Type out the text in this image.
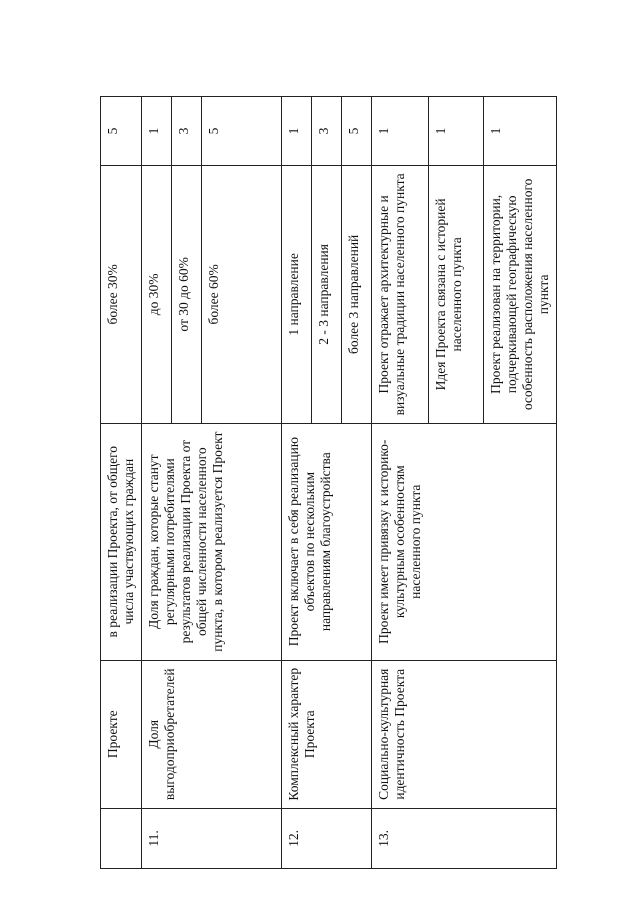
	Проекте	в реализации Проекта, от общего числа участвующих граждан	более 30%	5
11.	Доля выгодоприобретателей	Доля граждан, которые станут регулярными потребителями результатов реализации Проекта от общей численности населенного пункта, в котором реализуется Проект	до 30%	1
			от 30 до 60%	3
			более 60%	5
12.	Комплексный характер Проекта	Проект включает в себя реализацию объектов по нескольким направлениям благоустройства	1 направление	1
			2 - 3 направления	3
			более 3 направлений	5
13.	Социально-культурная идентичность Проекта	Проект имеет привязку к историко-культурным особенностям населенного пункта	Проект отражает архитектурные и визуальные традиции населенного пункта	1
			Идея Проекта связана с историей населенного пункта	1
			Проект реализован на территории, подчеркивающей географическую особенность расположения населенного пункта	1
